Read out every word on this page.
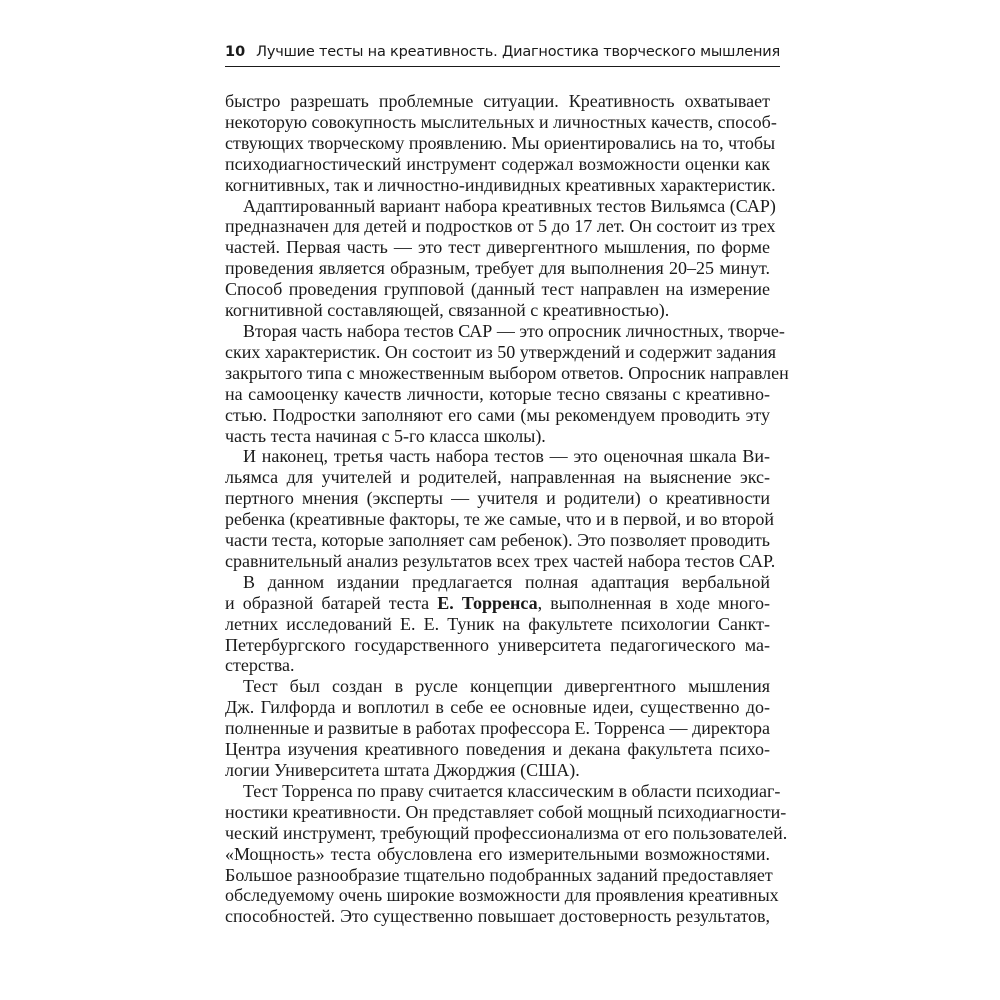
10 Лучшие тесты на креативность. Диагностика творческого мышления
быстро разрешать проблемные ситуации. Креативность охватывает
некоторую совокупность мыслительных и личностных качеств, способ-
ствующих творческому проявлению. Мы ориентировались на то, чтобы
психодиагностический инструмент содержал возможности оценки как
когнитивных, так и личностно-индивидных креативных характеристик.
Адаптированный вариант набора креативных тестов Вильямса (САР)
предназначен для детей и подростков от 5 до 17 лет. Он состоит из трех
частей. Первая часть — это тест дивергентного мышления, по форме
проведения является образным, требует для выполнения 20–25 минут.
Способ проведения групповой (данный тест направлен на измерение
когнитивной составляющей, связанной с креативностью).
Вторая часть набора тестов САР — это опросник личностных, творче-
ских характеристик. Он состоит из 50 утверждений и содержит задания
закрытого типа с множественным выбором ответов. Опросник направлен
на самооценку качеств личности, которые тесно связаны с креативно-
стью. Подростки заполняют его сами (мы рекомендуем проводить эту
часть теста начиная с 5-го класса школы).
И наконец, третья часть набора тестов — это оценочная шкала Ви-
льямса для учителей и родителей, направленная на выяснение экс-
пертного мнения (эксперты — учителя и родители) о креативности
ребенка (креативные факторы, те же самые, что и в первой, и во второй
части теста, которые заполняет сам ребенок). Это позволяет проводить
сравнительный анализ результатов всех трех частей набора тестов САР.
В данном издании предлагается полная адаптация вербальной
и образной батарей теста Е. Торренса, выполненная в ходе много-
летних исследований Е. Е. Туник на факультете психологии Санкт-
Петербургского государственного университета педагогического ма-
стерства.
Тест был создан в русле концепции дивергентного мышления
Дж. Гилфорда и воплотил в себе ее основные идеи, существенно до-
полненные и развитые в работах профессора Е. Торренса — директора
Центра изучения креативного поведения и декана факультета психо-
логии Университета штата Джорджия (США).
Тест Торренса по праву считается классическим в области психодиаг-
ностики креативности. Он представляет собой мощный психодиагности-
ческий инструмент, требующий профессионализма от его пользователей.
«Мощность» теста обусловлена его измерительными возможностями.
Большое разнообразие тщательно подобранных заданий предоставляет
обследуемому очень широкие возможности для проявления креативных
способностей. Это существенно повышает достоверность результатов,
